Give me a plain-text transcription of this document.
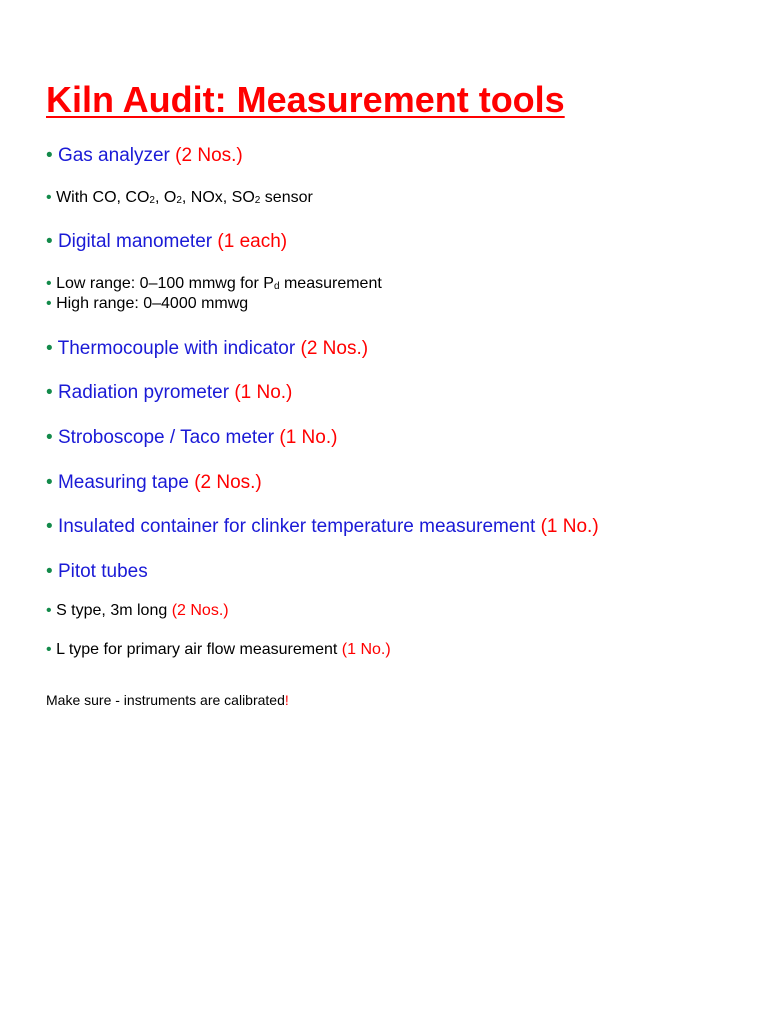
Kiln Audit: Measurement tools
• Gas analyzer (2 Nos.)
• With CO, $CO_2$, $O_2$, NOx, $SO_2$ sensor
• Digital manometer (1 each)
• Low range: 0–100 mmwg for $P_d$ measurement
• High range: 0–4000 mmwg
• Thermocouple with indicator (2 Nos.)
• Radiation pyrometer (1 No.)
• Stroboscope / Taco meter (1 No.)
• Measuring tape (2 Nos.)
• Insulated container for clinker temperature measurement (1 No.)
• Pitot tubes
• S type, 3m long (2 Nos.)
• L type for primary air flow measurement (1 No.)
Make sure - instruments are calibrated!
